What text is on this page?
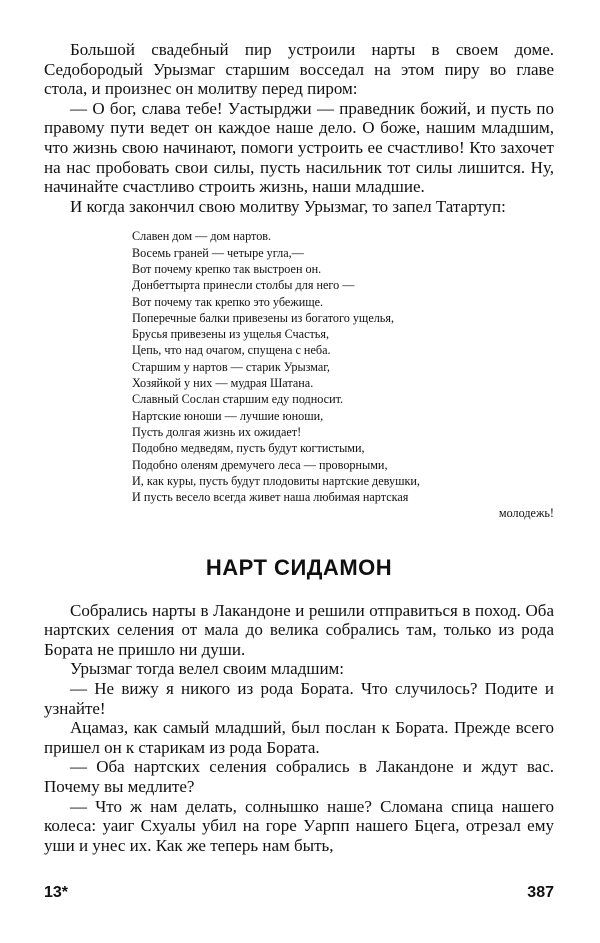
Большой свадебный пир устроили нарты в своем доме. Седобородый Урызмаг старшим восседал на этом пиру во главе стола, и произнес он молитву перед пиром:

— О бог, слава тебе! Уастырджи — праведник божий, и пусть по правому пути ведет он каждое наше дело. О боже, нашим младшим, что жизнь свою начинают, помоги устроить ее счастливо! Кто захочет на нас пробовать свои силы, пусть насильник тот силы лишится. Ну, начинайте счастливо строить жизнь, наши младшие.

И когда закончил свою молитву Урызмаг, то запел Татартуп:

Славен дом — дом нартов.
Восемь граней — четыре угла,—
Вот почему крепко так выстроен он.
Донбеттырта принесли столбы для него —
Вот почему так крепко это убежище.
Поперечные балки привезены из богатого ущелья,
Брусья привезены из ущелья Счастья,
Цепь, что над очагом, спущена с неба.
Старшим у нартов — старик Урызмаг,
Хозяйкой у них — мудрая Шатана.
Славный Сослан старшим еду подносит.
Нартские юноши — лучшие юноши,
Пусть долгая жизнь их ожидает!
Подобно медведям, пусть будут когтистыми,
Подобно оленям дремучего леса — проворными,
И, как куры, пусть будут плодовиты нартские девушки,
И пусть весело всегда живет наша любимая нартская
молодежь!
НАРТ СИДАМОН

Собрались нарты в Лакандоне и решили отправиться в поход. Оба нартских селения от мала до велика собрались там, только из рода Бората не пришло ни души.

Урызмаг тогда велел своим младшим:

— Не вижу я никого из рода Бората. Что случилось? Подите и узнайте!

Ацамаз, как самый младший, был послан к Бората. Прежде всего пришел он к старикам из рода Бората.

— Оба нартских селения собрались в Лакандоне и ждут вас. Почему вы медлите?

— Что ж нам делать, солнышко наше? Сломана спица нашего колеса: уаиг Схуалы убил на горе Уарпп нашего Бцега, отрезал ему уши и унес их. Как же теперь нам быть,

13*	387
